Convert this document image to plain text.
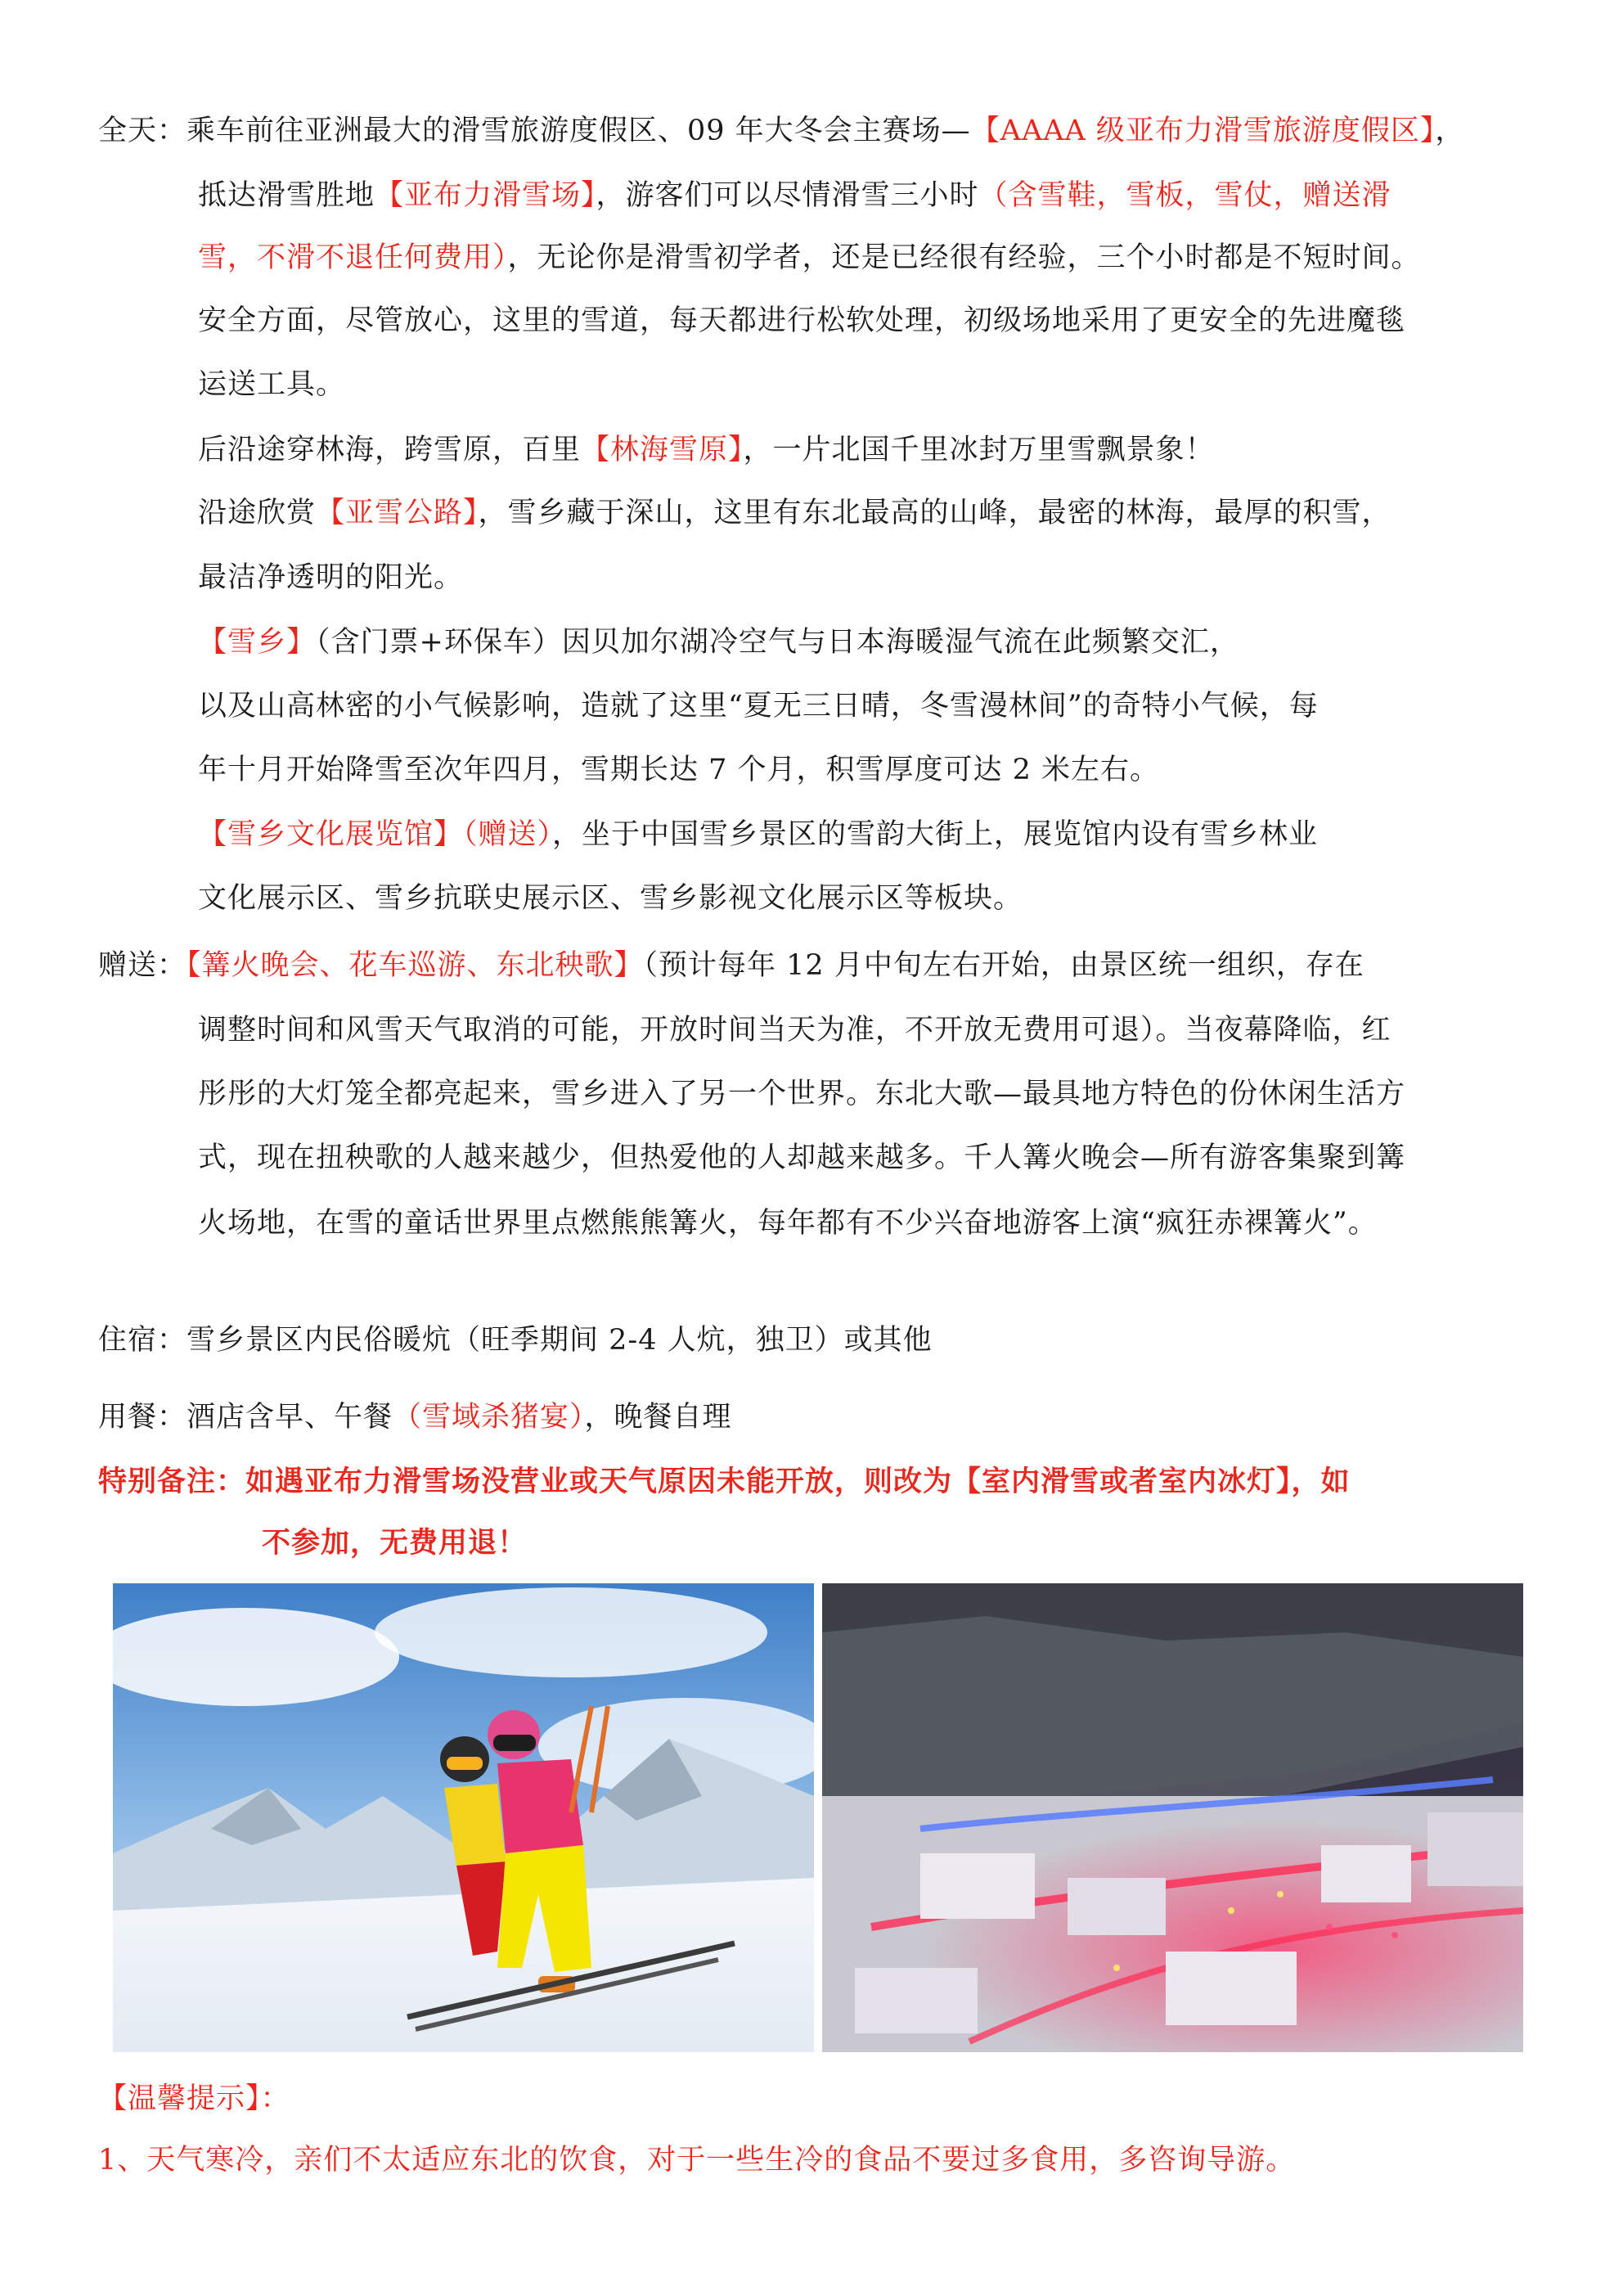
全天：乘车前往亚洲最大的滑雪旅游度假区、09 年大冬会主赛场—【AAAA 级亚布力滑雪旅游度假区】，
抵达滑雪胜地【亚布力滑雪场】，游客们可以尽情滑雪三小时（含雪鞋，雪板，雪仗，赠送滑
雪，不滑不退任何费用），无论你是滑雪初学者，还是已经很有经验，三个小时都是不短时间。
安全方面，尽管放心，这里的雪道，每天都进行松软处理，初级场地采用了更安全的先进魔毯
运送工具。
后沿途穿林海，跨雪原，百里【林海雪原】，一片北国千里冰封万里雪飘景象！
沿途欣赏【亚雪公路】，雪乡藏于深山，这里有东北最高的山峰，最密的林海，最厚的积雪，
最洁净透明的阳光。
【雪乡】（含门票+环保车）因贝加尔湖冷空气与日本海暖湿气流在此频繁交汇，
以及山高林密的小气候影响，造就了这里“夏无三日晴，冬雪漫林间”的奇特小气候，每
年十月开始降雪至次年四月，雪期长达 7 个月，积雪厚度可达 2 米左右。
【雪乡文化展览馆】（赠送），坐于中国雪乡景区的雪韵大街上，展览馆内设有雪乡林业
文化展示区、雪乡抗联史展示区、雪乡影视文化展示区等板块。
赠送：【篝火晚会、花车巡游、东北秧歌】（预计每年 12 月中旬左右开始，由景区统一组织，存在
调整时间和风雪天气取消的可能，开放时间当天为准，不开放无费用可退）。当夜幕降临，红
彤彤的大灯笼全都亮起来，雪乡进入了另一个世界。东北大歌—最具地方特色的份休闲生活方
式，现在扭秧歌的人越来越少，但热爱他的人却越来越多。千人篝火晚会—所有游客集聚到篝
火场地，在雪的童话世界里点燃熊熊篝火，每年都有不少兴奋地游客上演“疯狂赤裸篝火”。
住宿：雪乡景区内民俗暖炕（旺季期间 2-4 人炕，独卫）或其他
用餐：酒店含早、午餐（雪域杀猪宴），晚餐自理
特别备注：如遇亚布力滑雪场没营业或天气原因未能开放，则改为【室内滑雪或者室内冰灯】，如
不参加，无费用退！
【温馨提示】：
1、天气寒冷，亲们不太适应东北的饮食，对于一些生冷的食品不要过多食用，多咨询导游。
